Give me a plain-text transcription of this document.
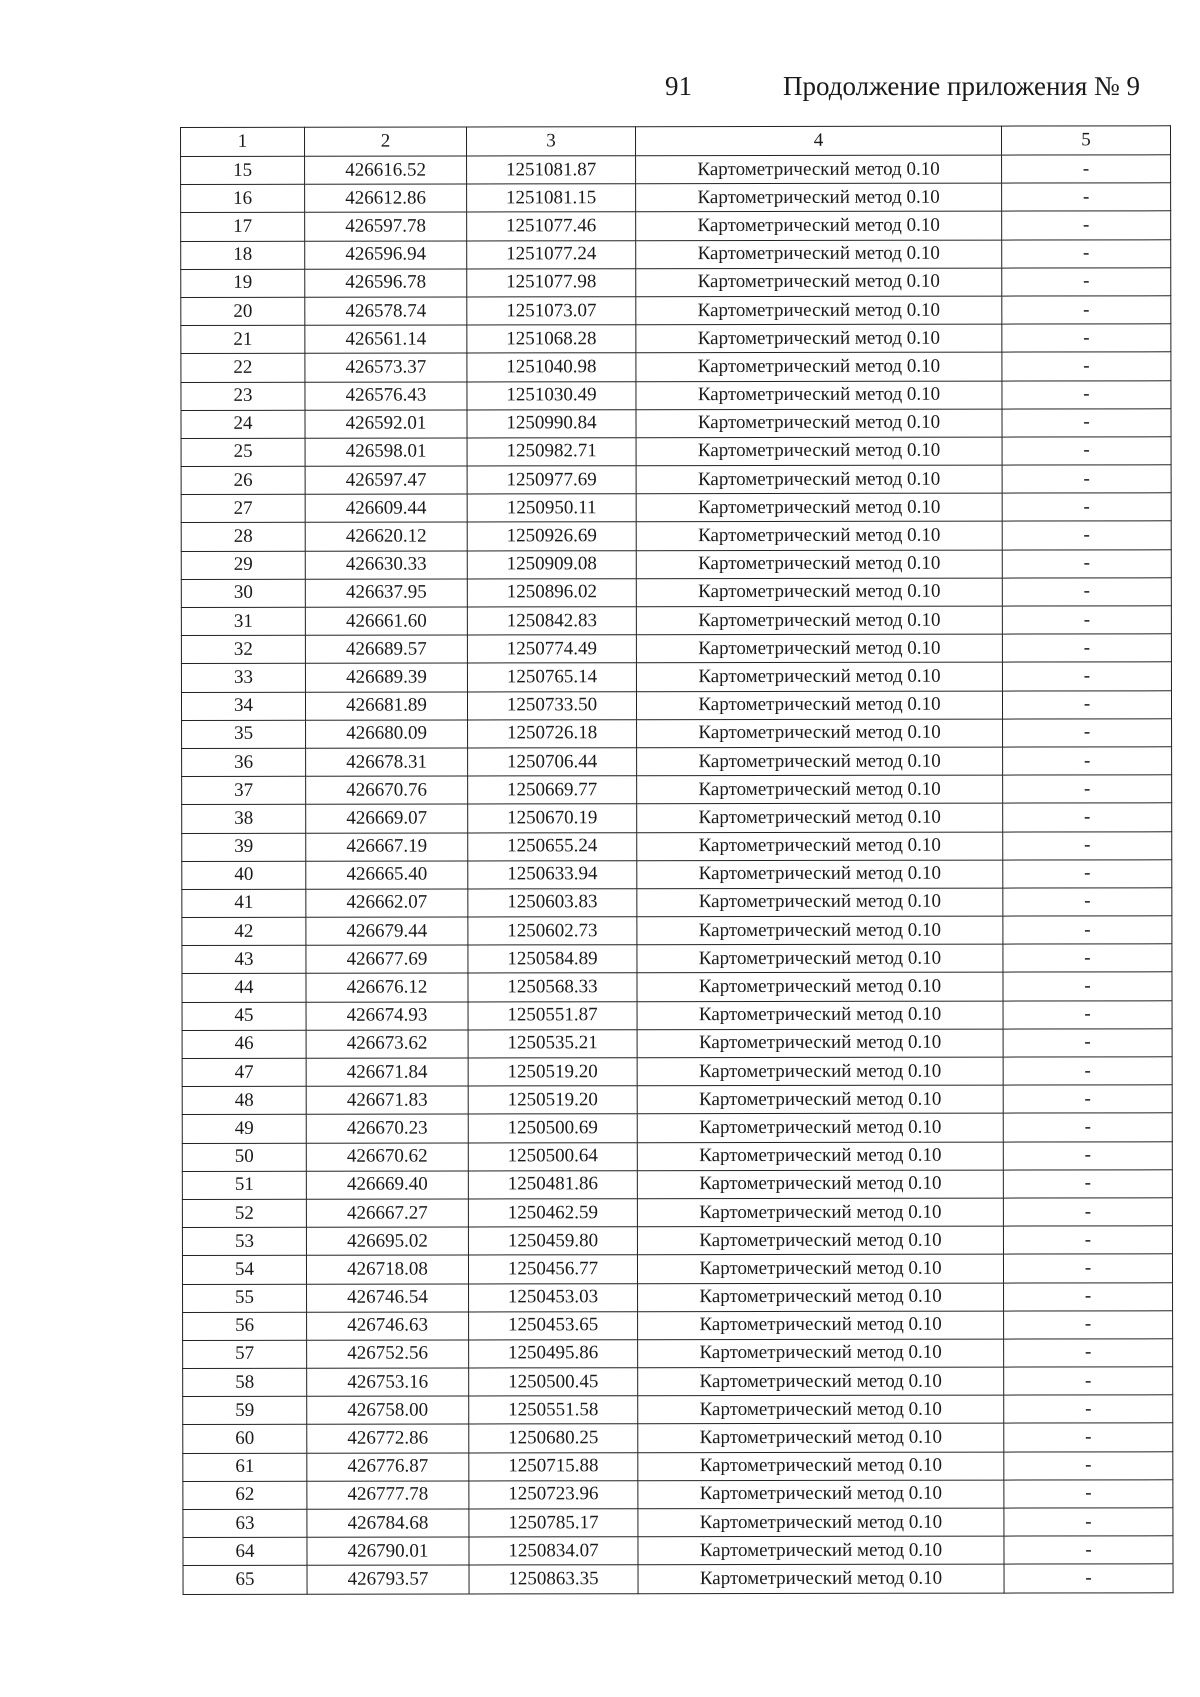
91	Продолжение приложения № 9
1	2	3	4	5
15	426616.52	1251081.87	Картометрический метод 0.10	-
16	426612.86	1251081.15	Картометрический метод 0.10	-
17	426597.78	1251077.46	Картометрический метод 0.10	-
18	426596.94	1251077.24	Картометрический метод 0.10	-
19	426596.78	1251077.98	Картометрический метод 0.10	-
20	426578.74	1251073.07	Картометрический метод 0.10	-
21	426561.14	1251068.28	Картометрический метод 0.10	-
22	426573.37	1251040.98	Картометрический метод 0.10	-
23	426576.43	1251030.49	Картометрический метод 0.10	-
24	426592.01	1250990.84	Картометрический метод 0.10	-
25	426598.01	1250982.71	Картометрический метод 0.10	-
26	426597.47	1250977.69	Картометрический метод 0.10	-
27	426609.44	1250950.11	Картометрический метод 0.10	-
28	426620.12	1250926.69	Картометрический метод 0.10	-
29	426630.33	1250909.08	Картометрический метод 0.10	-
30	426637.95	1250896.02	Картометрический метод 0.10	-
31	426661.60	1250842.83	Картометрический метод 0.10	-
32	426689.57	1250774.49	Картометрический метод 0.10	-
33	426689.39	1250765.14	Картометрический метод 0.10	-
34	426681.89	1250733.50	Картометрический метод 0.10	-
35	426680.09	1250726.18	Картометрический метод 0.10	-
36	426678.31	1250706.44	Картометрический метод 0.10	-
37	426670.76	1250669.77	Картометрический метод 0.10	-
38	426669.07	1250670.19	Картометрический метод 0.10	-
39	426667.19	1250655.24	Картометрический метод 0.10	-
40	426665.40	1250633.94	Картометрический метод 0.10	-
41	426662.07	1250603.83	Картометрический метод 0.10	-
42	426679.44	1250602.73	Картометрический метод 0.10	-
43	426677.69	1250584.89	Картометрический метод 0.10	-
44	426676.12	1250568.33	Картометрический метод 0.10	-
45	426674.93	1250551.87	Картометрический метод 0.10	-
46	426673.62	1250535.21	Картометрический метод 0.10	-
47	426671.84	1250519.20	Картометрический метод 0.10	-
48	426671.83	1250519.20	Картометрический метод 0.10	-
49	426670.23	1250500.69	Картометрический метод 0.10	-
50	426670.62	1250500.64	Картометрический метод 0.10	-
51	426669.40	1250481.86	Картометрический метод 0.10	-
52	426667.27	1250462.59	Картометрический метод 0.10	-
53	426695.02	1250459.80	Картометрический метод 0.10	-
54	426718.08	1250456.77	Картометрический метод 0.10	-
55	426746.54	1250453.03	Картометрический метод 0.10	-
56	426746.63	1250453.65	Картометрический метод 0.10	-
57	426752.56	1250495.86	Картометрический метод 0.10	-
58	426753.16	1250500.45	Картометрический метод 0.10	-
59	426758.00	1250551.58	Картометрический метод 0.10	-
60	426772.86	1250680.25	Картометрический метод 0.10	-
61	426776.87	1250715.88	Картометрический метод 0.10	-
62	426777.78	1250723.96	Картометрический метод 0.10	-
63	426784.68	1250785.17	Картометрический метод 0.10	-
64	426790.01	1250834.07	Картометрический метод 0.10	-
65	426793.57	1250863.35	Картометрический метод 0.10	-
